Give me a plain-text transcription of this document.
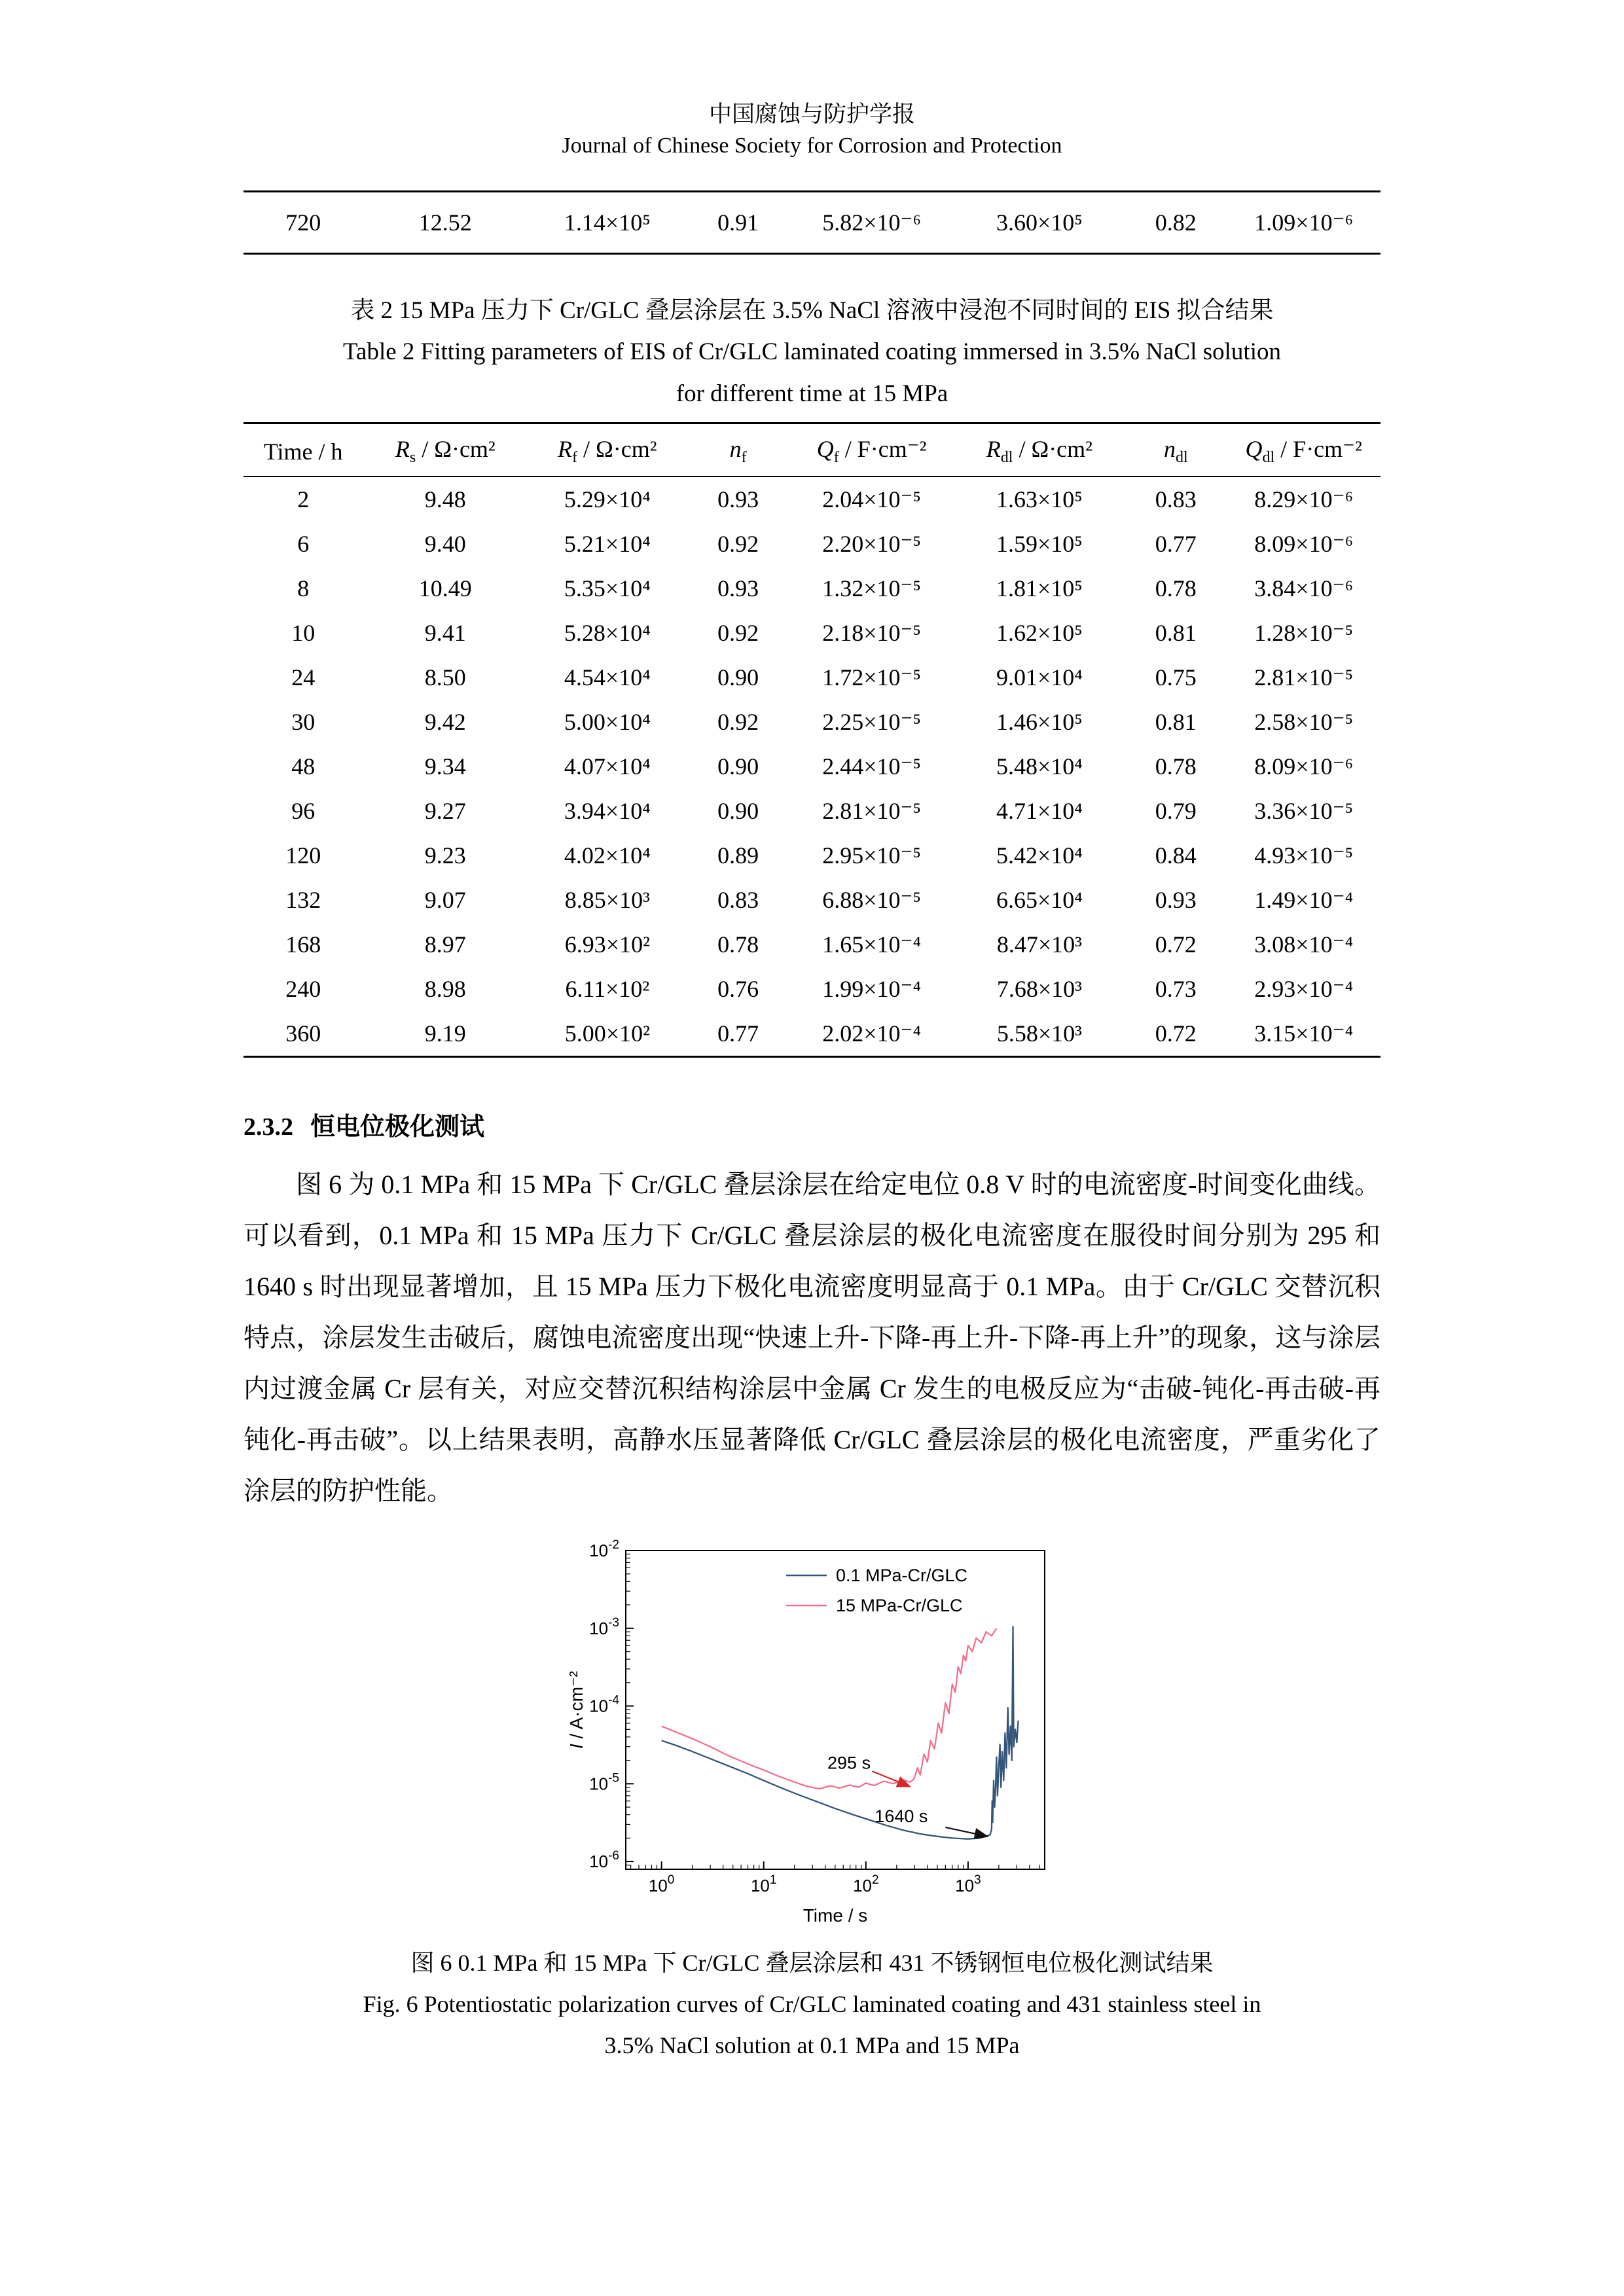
中国腐蚀与防护学报
Journal of Chinese Society for Corrosion and Protection
720	12.52	1.14×10⁵	0.91	5.82×10⁻⁶	3.60×10⁵	0.82	1.09×10⁻⁶
表 2 15 MPa 压力下 Cr/GLC 叠层涂层在 3.5% NaCl 溶液中浸泡不同时间的 EIS 拟合结果
Table 2 Fitting parameters of EIS of Cr/GLC laminated coating immersed in 3.5% NaCl solution
for different time at 15 MPa
Time / h	$R_s / \Omega\cdot cm^2$	$R_f / \Omega\cdot cm^2$	$n_f$	$Q_f / F\cdot cm^{-2}$	$R_{dl} / \Omega\cdot cm^2$	$n_{dl}$	$Q_{dl} / F\cdot cm^{-2}$
2	9.48	5.29×10⁴	0.93	2.04×10⁻⁵	1.63×10⁵	0.83	8.29×10⁻⁶
6	9.40	5.21×10⁴	0.92	2.20×10⁻⁵	1.59×10⁵	0.77	8.09×10⁻⁶
8	10.49	5.35×10⁴	0.93	1.32×10⁻⁵	1.81×10⁵	0.78	3.84×10⁻⁶
10	9.41	5.28×10⁴	0.92	2.18×10⁻⁵	1.62×10⁵	0.81	1.28×10⁻⁵
24	8.50	4.54×10⁴	0.90	1.72×10⁻⁵	9.01×10⁴	0.75	2.81×10⁻⁵
30	9.42	5.00×10⁴	0.92	2.25×10⁻⁵	1.46×10⁵	0.81	2.58×10⁻⁵
48	9.34	4.07×10⁴	0.90	2.44×10⁻⁵	5.48×10⁴	0.78	8.09×10⁻⁶
96	9.27	3.94×10⁴	0.90	2.81×10⁻⁵	4.71×10⁴	0.79	3.36×10⁻⁵
120	9.23	4.02×10⁴	0.89	2.95×10⁻⁵	5.42×10⁴	0.84	4.93×10⁻⁵
132	9.07	8.85×10³	0.83	6.88×10⁻⁵	6.65×10⁴	0.93	1.49×10⁻⁴
168	8.97	6.93×10²	0.78	1.65×10⁻⁴	8.47×10³	0.72	3.08×10⁻⁴
240	8.98	6.11×10²	0.76	1.99×10⁻⁴	7.68×10³	0.73	2.93×10⁻⁴
360	9.19	5.00×10²	0.77	2.02×10⁻⁴	5.58×10³	0.72	3.15×10⁻⁴
2.3.2 恒电位极化测试

图 6 为 0.1 MPa 和 15 MPa 下 Cr/GLC 叠层涂层在给定电位 0.8 V 时的电流密度-时间变化曲线。可以看到，0.1 MPa 和 15 MPa 压力下 Cr/GLC 叠层涂层的极化电流密度在服役时间分别为 295 和 1640 s 时出现显著增加，且 15 MPa 压力下极化电流密度明显高于 0.1 MPa。由于 Cr/GLC 交替沉积特点，涂层发生击破后，腐蚀电流密度出现“快速上升-下降-再上升-下降-再上升”的现象，这与涂层内过渡金属 Cr 层有关，对应交替沉积结构涂层中金属 Cr 发生的电极反应为“击破-钝化-再击破-再钝化-再击破”。以上结果表明，高静水压显著降低 Cr/GLC 叠层涂层的极化电流密度，严重劣化了涂层的防护性能。

$10^0$	$10^1$	$10^2$	$10^3$
$10^{-6}$
$10^{-5}$
$10^{-4}$
$10^{-3}$
$10^{-2}$
0.1 MPa-Cr/GLC
15 MPa-Cr/GLC
295 s
1640 s
Time / s
I / A·cm⁻²
图 6 0.1 MPa 和 15 MPa 下 Cr/GLC 叠层涂层和 431 不锈钢恒电位极化测试结果
Fig. 6 Potentiostatic polarization curves of Cr/GLC laminated coating and 431 stainless steel in
3.5% NaCl solution at 0.1 MPa and 15 MPa
